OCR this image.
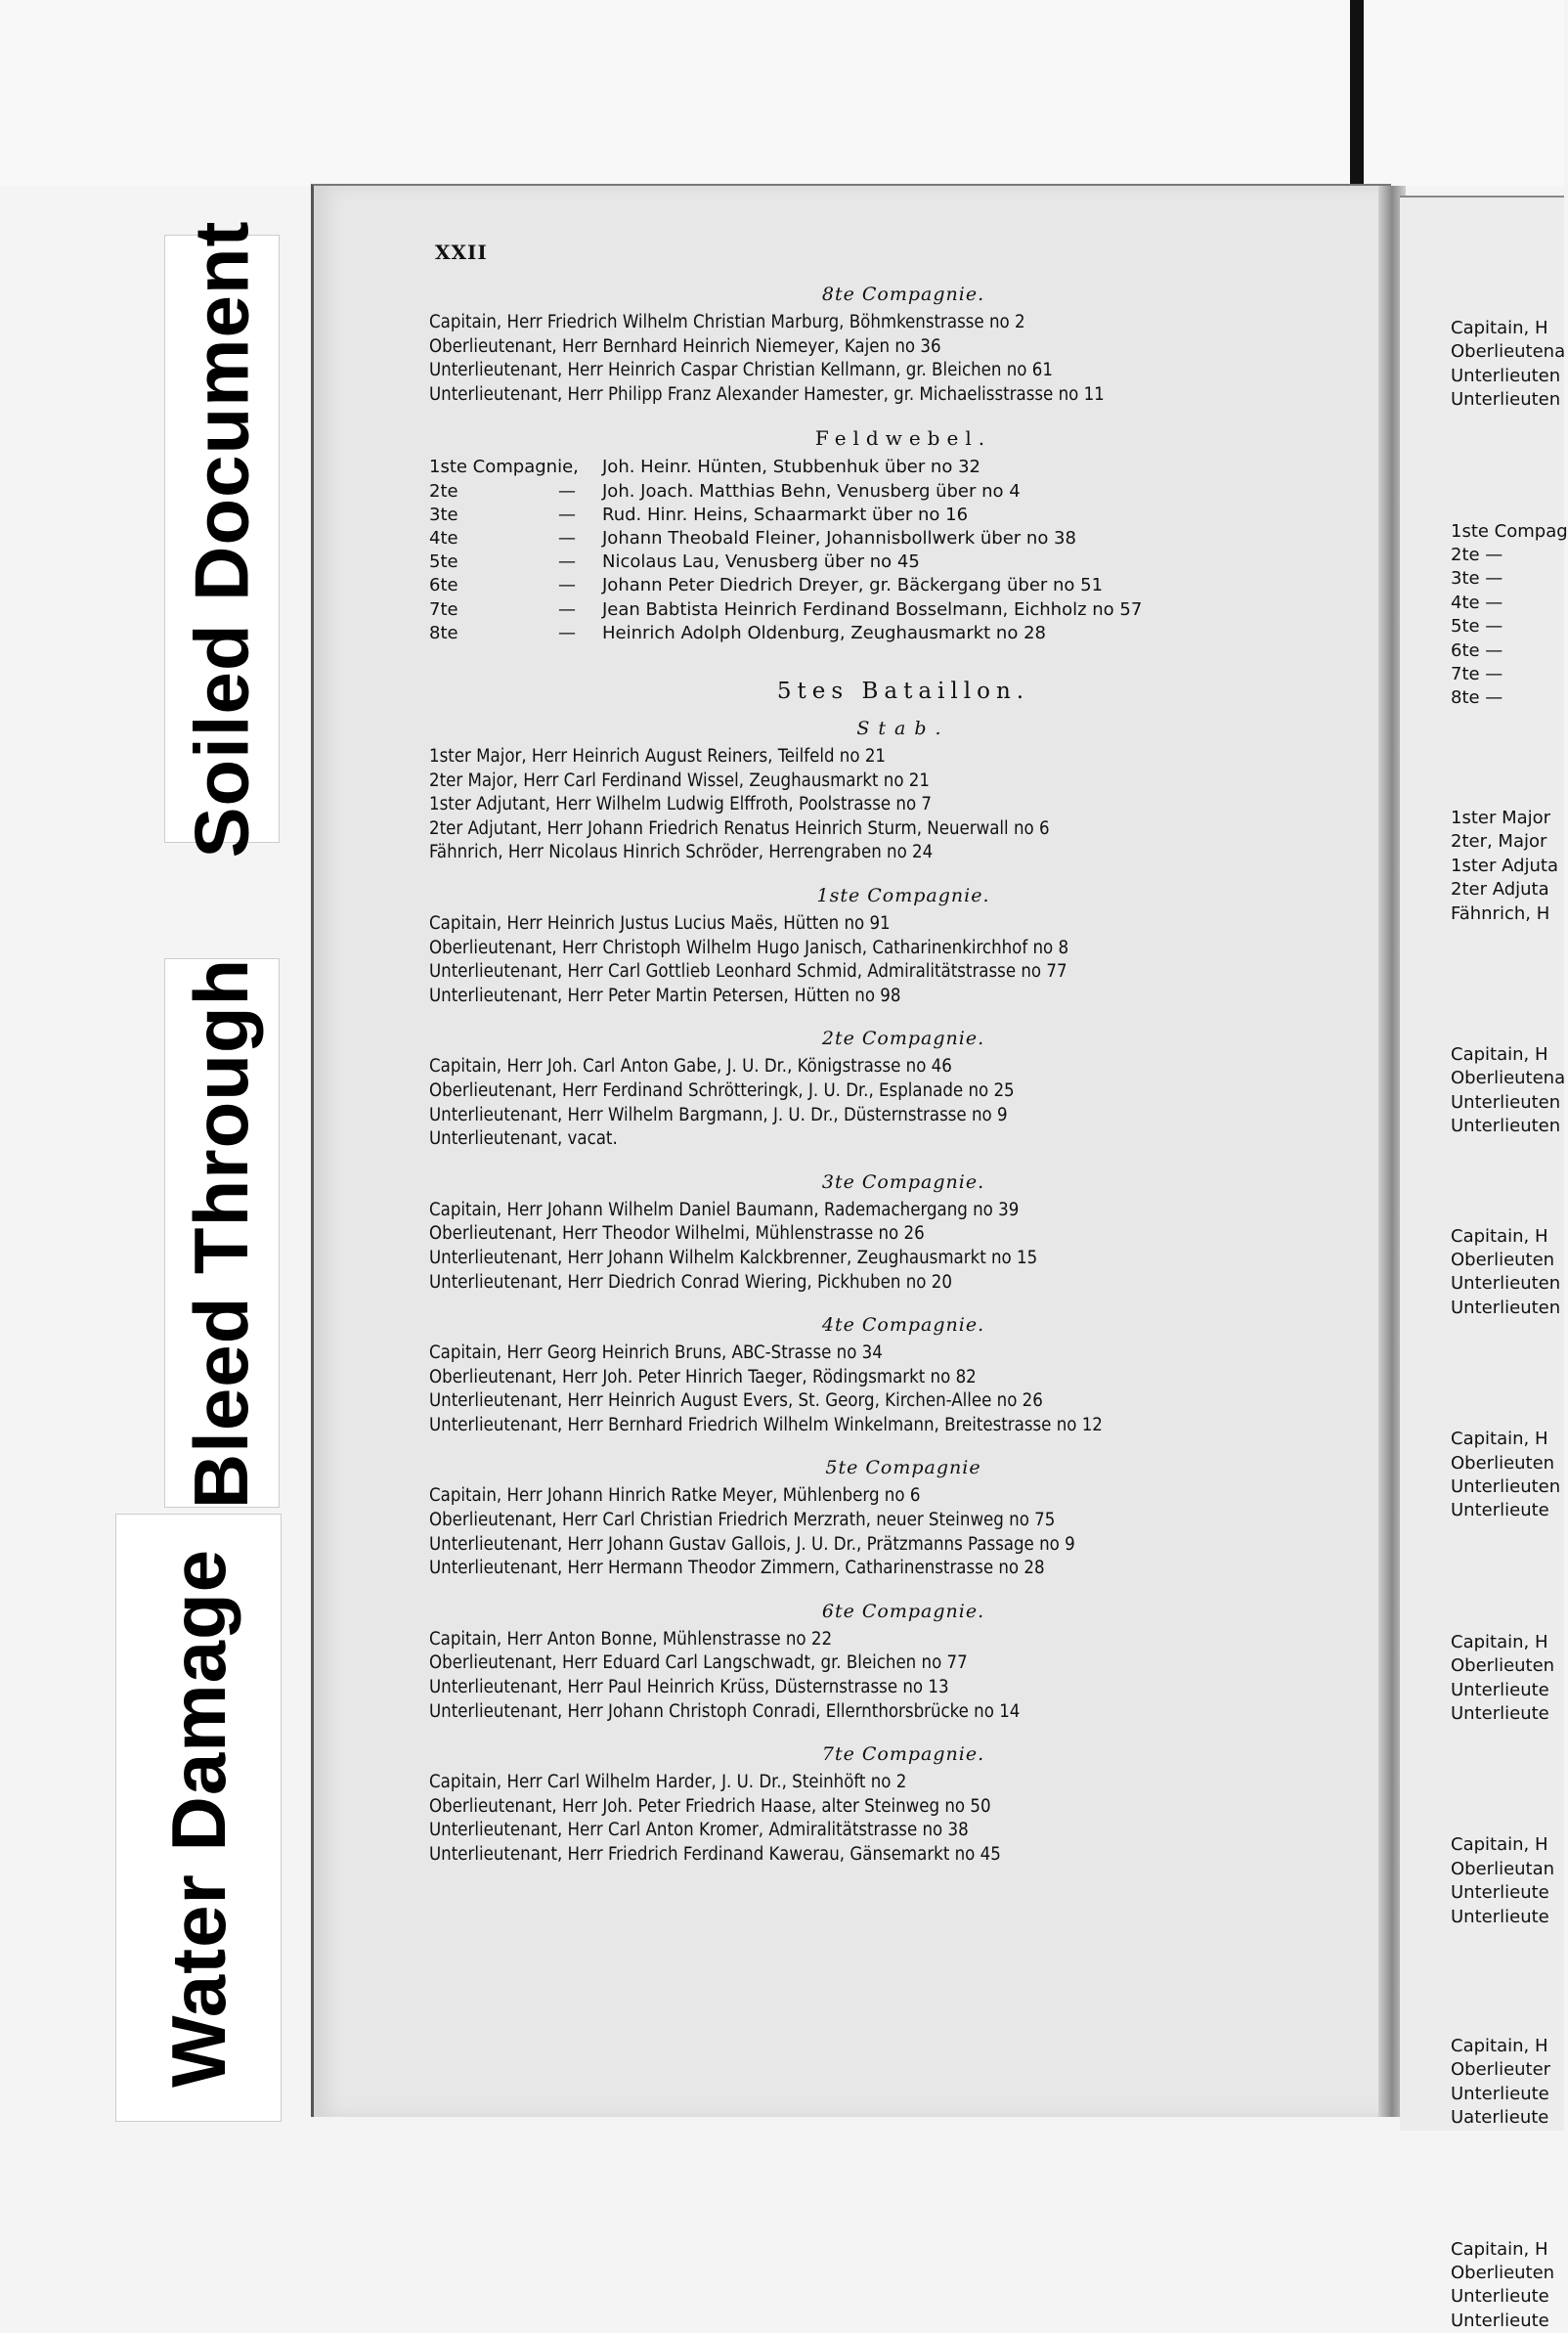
Soiled Document
Bleed Through
Water Damage
XXII
8te Compagnie.
Capitain, Herr Friedrich Wilhelm Christian Marburg, Böhmkenstrasse no 2
Oberlieutenant, Herr Bernhard Heinrich Niemeyer, Kajen no 36
Unterlieutenant, Herr Heinrich Caspar Christian Kellmann, gr. Bleichen no 61
Unterlieutenant, Herr Philipp Franz Alexander Hamester, gr. Michaelisstrasse no 11
Feldwebel.
1ste Compagnie, Joh. Heinr. Hünten, Stubbenhuk über no 32
2te	—	Joh. Joach. Matthias Behn, Venusberg über no 4
3te	—	Rud. Hinr. Heins, Schaarmarkt über no 16
4te	—	Johann Theobald Fleiner, Johannisbollwerk über no 38
5te	—	Nicolaus Lau, Venusberg über no 45
6te	—	Johann Peter Diedrich Dreyer, gr. Bäckergang über no 51
7te	—	Jean Babtista Heinrich Ferdinand Bosselmann, Eichholz no 57
8te	—	Heinrich Adolph Oldenburg, Zeughausmarkt no 28
5tes Bataillon.
Stab.
1ster Major, Herr Heinrich August Reiners, Teilfeld no 21
2ter Major, Herr Carl Ferdinand Wissel, Zeughausmarkt no 21
1ster Adjutant, Herr Wilhelm Ludwig Elffroth, Poolstrasse no 7
2ter Adjutant, Herr Johann Friedrich Renatus Heinrich Sturm, Neuerwall no 6
Fähnrich, Herr Nicolaus Hinrich Schröder, Herrengraben no 24
1ste Compagnie.
Capitain, Herr Heinrich Justus Lucius Maës, Hütten no 91
Oberlieutenant, Herr Christoph Wilhelm Hugo Janisch, Catharinenkirchhof no 8
Unterlieutenant, Herr Carl Gottlieb Leonhard Schmid, Admiralitätstrasse no 77
Unterlieutenant, Herr Peter Martin Petersen, Hütten no 98
2te Compagnie.
Capitain, Herr Joh. Carl Anton Gabe, J. U. Dr., Königstrasse no 46
Oberlieutenant, Herr Ferdinand Schrötteringk, J. U. Dr., Esplanade no 25
Unterlieutenant, Herr Wilhelm Bargmann, J. U. Dr., Düsternstrasse no 9
Unterlieutenant, vacat.
3te Compagnie.
Capitain, Herr Johann Wilhelm Daniel Baumann, Rademachergang no 39
Oberlieutenant, Herr Theodor Wilhelmi, Mühlenstrasse no 26
Unterlieutenant, Herr Johann Wilhelm Kalckbrenner, Zeughausmarkt no 15
Unterlieutenant, Herr Diedrich Conrad Wiering, Pickhuben no 20
4te Compagnie.
Capitain, Herr Georg Heinrich Bruns, ABC-Strasse no 34
Oberlieutenant, Herr Joh. Peter Hinrich Taeger, Rödingsmarkt no 82
Unterlieutenant, Herr Heinrich August Evers, St. Georg, Kirchen-Allee no 26
Unterlieutenant, Herr Bernhard Friedrich Wilhelm Winkelmann, Breitestrasse no 12
5te Compagnie
Capitain, Herr Johann Hinrich Ratke Meyer, Mühlenberg no 6
Oberlieutenant, Herr Carl Christian Friedrich Merzrath, neuer Steinweg no 75
Unterlieutenant, Herr Johann Gustav Gallois, J. U. Dr., Prätzmanns Passage no 9
Unterlieutenant, Herr Hermann Theodor Zimmern, Catharinenstrasse no 28
6te Compagnie.
Capitain, Herr Anton Bonne, Mühlenstrasse no 22
Oberlieutenant, Herr Eduard Carl Langschwadt, gr. Bleichen no 77
Unterlieutenant, Herr Paul Heinrich Krüss, Düsternstrasse no 13
Unterlieutenant, Herr Johann Christoph Conradi, Ellernthorsbrücke no 14
7te Compagnie.
Capitain, Herr Carl Wilhelm Harder, J. U. Dr., Steinhöft no 2
Oberlieutenant, Herr Joh. Peter Friedrich Haase, alter Steinweg no 50
Unterlieutenant, Herr Carl Anton Kromer, Admiralitätstrasse no 38
Unterlieutenant, Herr Friedrich Ferdinand Kawerau, Gänsemarkt no 45
Capitain, H
Oberlieutena
Unterlieuten
Unterlieuten
1ste Compag
2te —
3te —
4te —
5te —
6te —
7te —
8te —
1ster Major
2ter, Major
1ster Adjuta
2ter Adjuta
Fähnrich, H
Capitain, H
Oberlieutena
Unterlieuten
Unterlieuten
Capitain, H
Oberlieuten
Unterlieuten
Unterlieuten
Capitain, H
Oberlieuten
Unterlieuten
Unterlieute
Capitain, H
Oberlieuten
Unterlieute
Unterlieute
Capitain, H
Oberlieutan
Unterlieute
Unterlieute
Capitain, H
Oberlieuter
Unterlieute
Uaterlieute
Capitain, H
Oberlieuten
Unterlieute
Unterlieute
